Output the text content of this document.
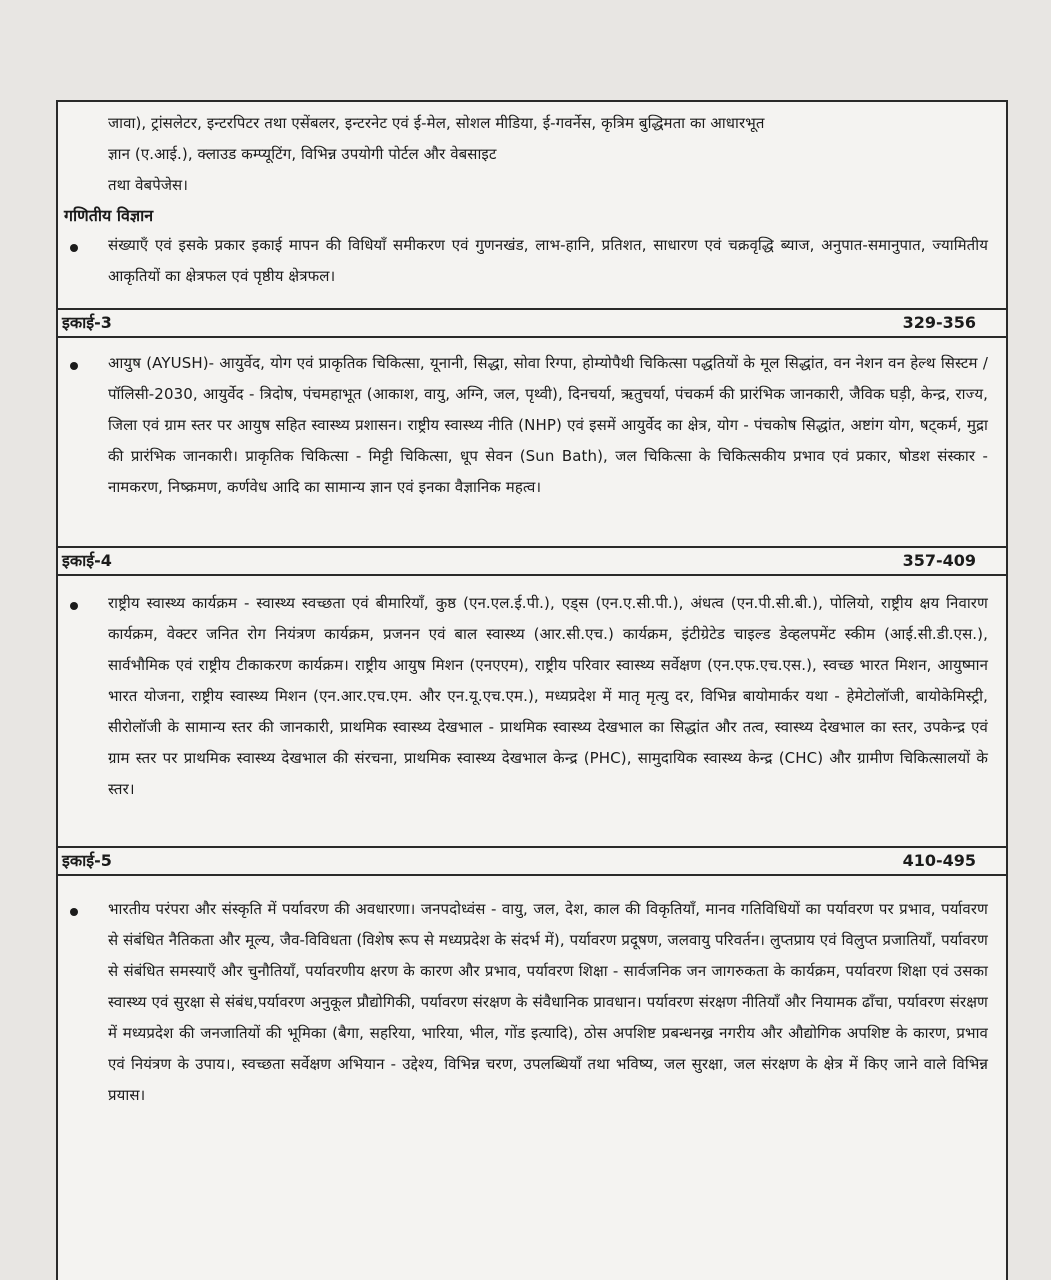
जावा), ट्रांसलेटर, इन्टरपिटर तथा एसेंबलर, इन्टरनेट एवं ई-मेल, सोशल मीडिया, ई-गवर्नेस, कृत्रिम बुद्धिमता का आधारभूत

ज्ञान (ए.आई.), क्लाउड कम्प्यूटिंग, विभिन्न उपयोगी पोर्टल और वेबसाइट

तथा वेबपेजेस।

गणितीय विज्ञान

संख्याएँ एवं इसके प्रकार इकाई मापन की विधियाँ समीकरण एवं गुणनखंड, लाभ-हानि, प्रतिशत, साधारण एवं चक्रवृद्धि ब्याज, अनुपात-समानुपात, ज्यामितीय आकृतियों का क्षेत्रफल एवं पृष्ठीय क्षेत्रफल।

इकाई-3	329-356

आयुष (AYUSH)- आयुर्वेद, योग एवं प्राकृतिक चिकित्सा, यूनानी, सिद्धा, सोवा रिग्पा, होम्योपैथी चिकित्सा पद्धतियों के मूल सिद्धांत, वन नेशन वन हेल्थ सिस्टम / पॉलिसी-2030, आयुर्वेद - त्रिदोष, पंचमहाभूत (आकाश, वायु, अग्नि, जल, पृथ्वी), दिनचर्या, ऋतुचर्या, पंचकर्म की प्रारंभिक जानकारी, जैविक घड़ी, केन्द्र, राज्य, जिला एवं ग्राम स्तर पर आयुष सहित स्वास्थ्य प्रशासन। राष्ट्रीय स्वास्थ्य नीति (NHP) एवं इसमें आयुर्वेद का क्षेत्र, योग - पंचकोष सिद्धांत, अष्टांग योग, षट्कर्म, मुद्रा की प्रारंभिक जानकारी। प्राकृतिक चिकित्सा - मिट्टी चिकित्सा, धूप सेवन (Sun Bath), जल चिकित्सा के चिकित्सकीय प्रभाव एवं प्रकार, षोडश संस्कार - नामकरण, निष्क्रमण, कर्णवेध आदि का सामान्य ज्ञान एवं इनका वैज्ञानिक महत्व।

इकाई-4	357-409

राष्ट्रीय स्वास्थ्य कार्यक्रम - स्वास्थ्य स्वच्छता एवं बीमारियाँ, कुष्ठ (एन.एल.ई.पी.), एड्स (एन.ए.सी.पी.), अंधत्व (एन.पी.सी.बी.), पोलियो, राष्ट्रीय क्षय निवारण कार्यक्रम, वेक्टर जनित रोग नियंत्रण कार्यक्रम, प्रजनन एवं बाल स्वास्थ्य (आर.सी.एच.) कार्यक्रम, इंटीग्रेटेड चाइल्ड डेव्हलपमेंट स्कीम (आई.सी.डी.एस.), सार्वभौमिक एवं राष्ट्रीय टीकाकरण कार्यक्रम। राष्ट्रीय आयुष मिशन (एनएएम), राष्ट्रीय परिवार स्वास्थ्य सर्वेक्षण (एन.एफ.एच.एस.), स्वच्छ भारत मिशन, आयुष्मान भारत योजना, राष्ट्रीय स्वास्थ्य मिशन (एन.आर.एच.एम. और एन.यू.एच.एम.), मध्यप्रदेश में मातृ मृत्यु दर, विभिन्न बायोमार्कर यथा - हेमेटोलॉजी, बायोकेमिस्ट्री, सीरोलॉजी के सामान्य स्तर की जानकारी, प्राथमिक स्वास्थ्य देखभाल - प्राथमिक स्वास्थ्य देखभाल का सिद्धांत और तत्व, स्वास्थ्य देखभाल का स्तर, उपकेन्द्र एवं ग्राम स्तर पर प्राथमिक स्वास्थ्य देखभाल की संरचना, प्राथमिक स्वास्थ्य देखभाल केन्द्र (PHC), सामुदायिक स्वास्थ्य केन्द्र (CHC) और ग्रामीण चिकित्सालयों के स्तर।

इकाई-5	410-495

भारतीय परंपरा और संस्कृति में पर्यावरण की अवधारणा। जनपदोध्वंस - वायु, जल, देश, काल की विकृतियाँ, मानव गतिविधियों का पर्यावरण पर प्रभाव, पर्यावरण से संबंधित नैतिकता और मूल्य, जैव-विविधता (विशेष रूप से मध्यप्रदेश के संदर्भ में), पर्यावरण प्रदूषण, जलवायु परिवर्तन। लुप्तप्राय एवं विलुप्त प्रजातियाँ, पर्यावरण से संबंधित समस्याएँ और चुनौतियाँ, पर्यावरणीय क्षरण के कारण और प्रभाव, पर्यावरण शिक्षा - सार्वजनिक जन जागरुकता के कार्यक्रम, पर्यावरण शिक्षा एवं उसका स्वास्थ्य एवं सुरक्षा से संबंध,पर्यावरण अनुकूल प्रौद्योगिकी, पर्यावरण संरक्षण के संवैधानिक प्रावधान। पर्यावरण संरक्षण नीतियाँ और नियामक ढाँचा, पर्यावरण संरक्षण में मध्यप्रदेश की जनजातियों की भूमिका (बैगा, सहरिया, भारिया, भील, गोंड इत्यादि), ठोस अपशिष्ट प्रबन्धनख्र नगरीय और औद्योगिक अपशिष्ट के कारण, प्रभाव एवं नियंत्रण के उपाय।, स्वच्छता सर्वेक्षण अभियान - उद्देश्य, विभिन्न चरण, उपलब्धियाँ तथा भविष्य, जल सुरक्षा, जल संरक्षण के क्षेत्र में किए जाने वाले विभिन्न प्रयास।
